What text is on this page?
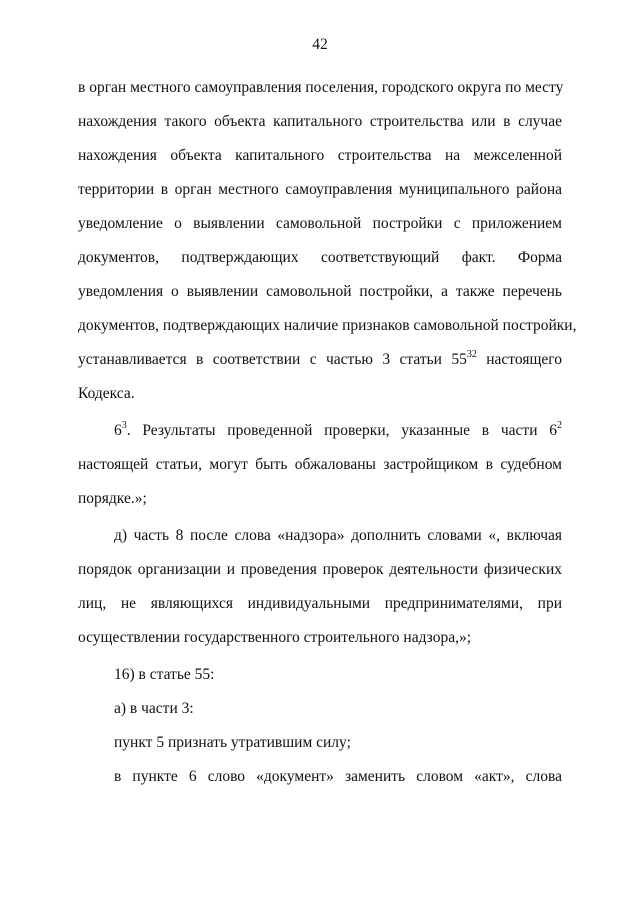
42
в орган местного самоуправления поселения, городского округа по месту
нахождения такого объекта капитального строительства или в случае
нахождения объекта капитального строительства на межселенной
территории в орган местного самоуправления муниципального района
уведомление о выявлении самовольной постройки с приложением
документов, подтверждающих соответствующий факт. Форма
уведомления о выявлении самовольной постройки, а также перечень
документов, подтверждающих наличие признаков самовольной постройки,
устанавливается в соответствии с частью 3 статьи $55^{32}$ настоящего
Кодекса.
$6^3$. Результаты проведенной проверки, указанные в части $6^2$
настоящей статьи, могут быть обжалованы застройщиком в судебном
порядке.»;
д) часть 8 после слова «надзора» дополнить словами «, включая
порядок организации и проведения проверок деятельности физических
лиц, не являющихся индивидуальными предпринимателями, при
осуществлении государственного строительного надзора,»;
16) в статье 55:
а) в части 3:
пункт 5 признать утратившим силу;
в пункте 6 слово «документ» заменить словом «акт», слова
